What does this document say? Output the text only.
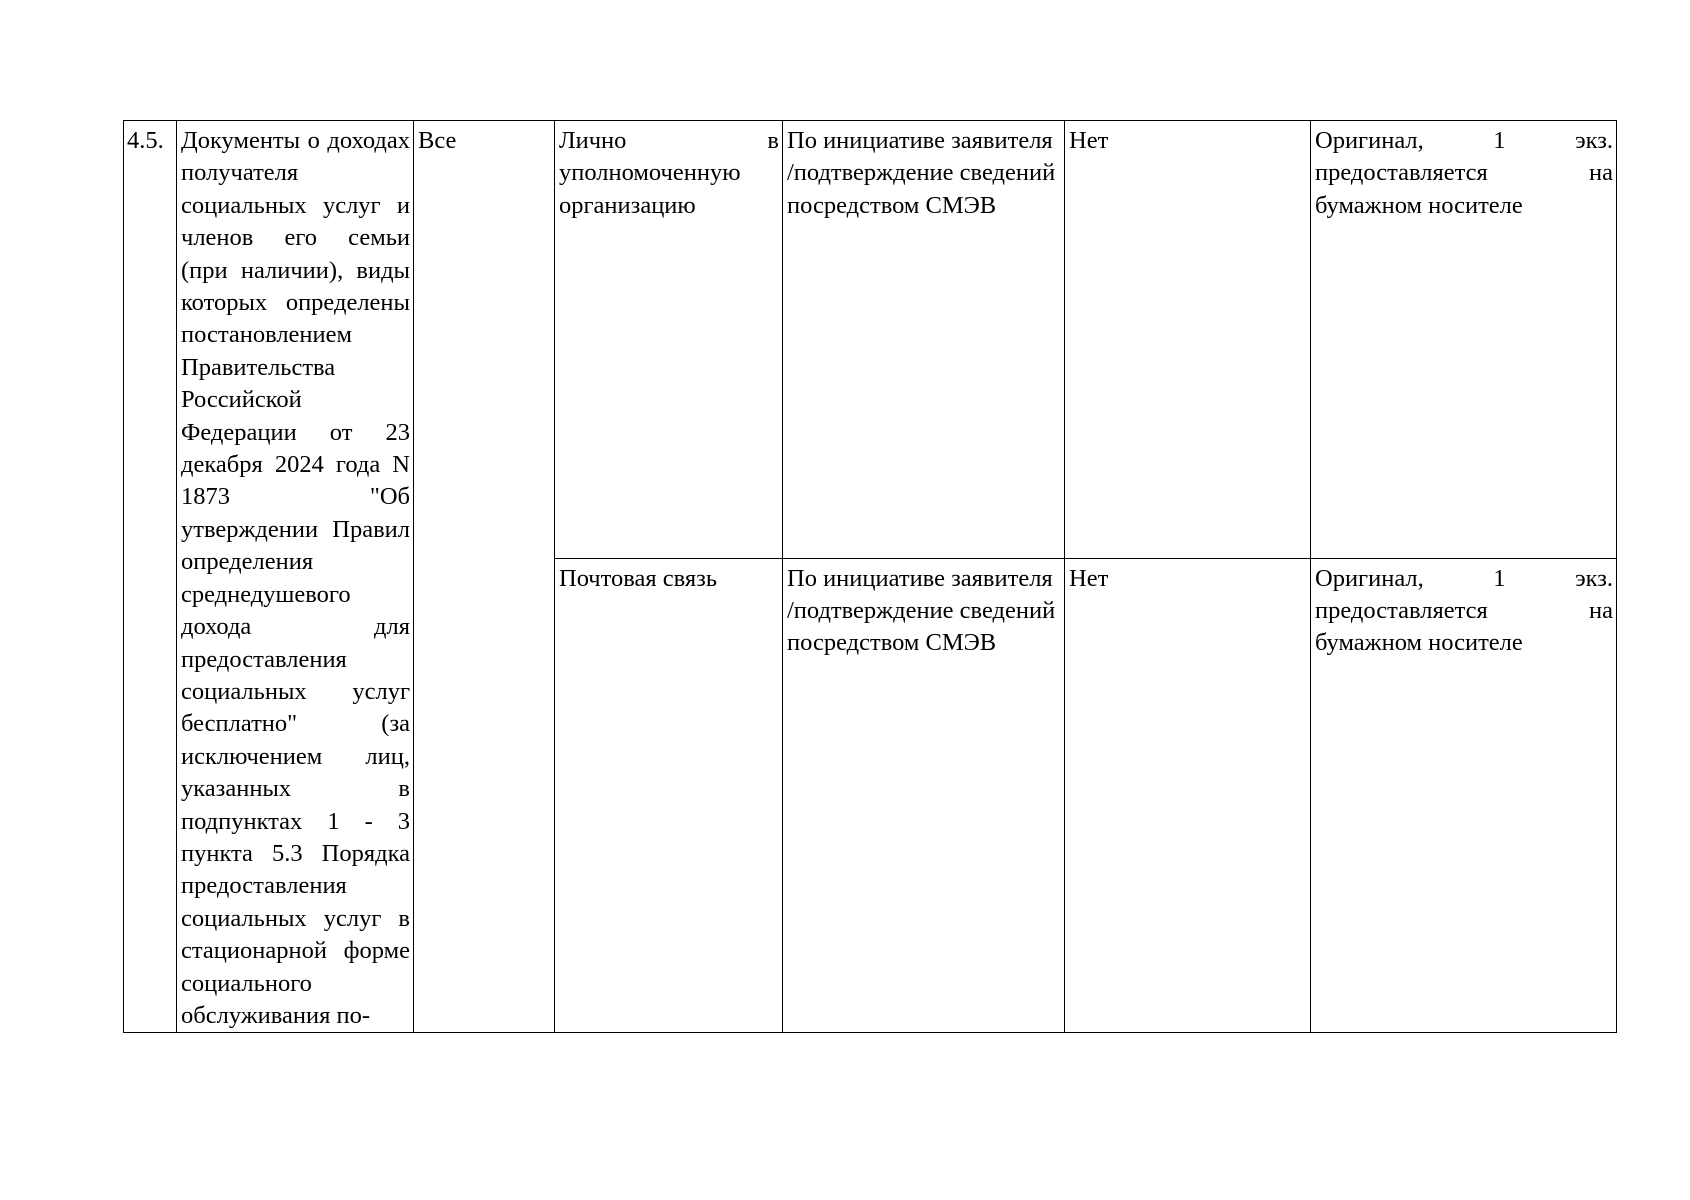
4.5.	Документы о доходах получателя социальных услуг и членов его семьи (при наличии), виды которых определены постановлением Правительства Российской Федерации от 23 декабря 2024 года N 1873 "Об утверждении Правил определения среднедушевого дохода для предоставления социальных услуг бесплатно" (за исключением лиц, указанных в подпунктах 1 - 3 пункта 5.3 Порядка предоставления социальных услуг в стационарной форме социального обслуживания по-	Все	Лично в уполномоченную организацию	По инициативе заявителя /подтверждение сведений посредством СМЭВ	Нет	Оригинал, 1 экз. предоставляется на бумажном носителе

			Почтовая связь	По инициативе заявителя /подтверждение сведений посредством СМЭВ	Нет	Оригинал, 1 экз. предоставляется на бумажном носителе
